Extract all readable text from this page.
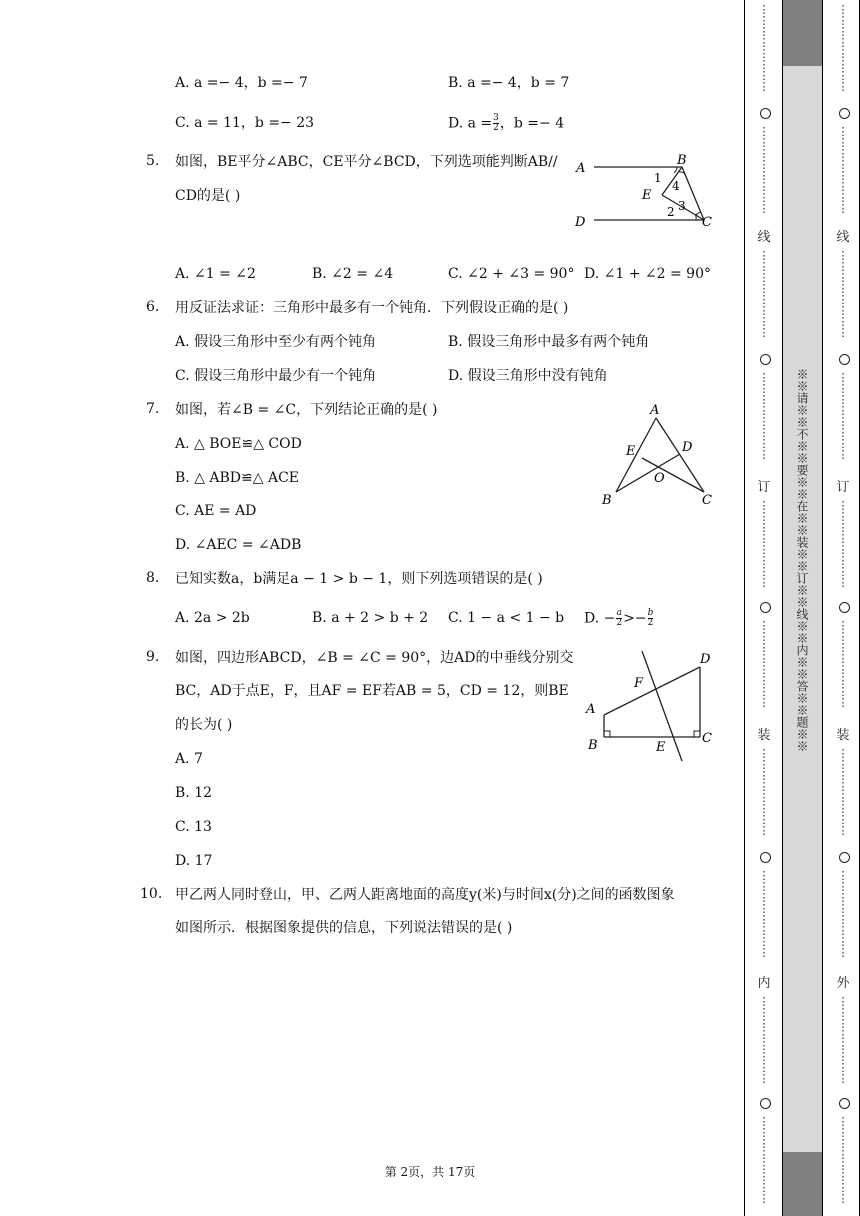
A. a =− 4，b =− 7	B. a =− 4，b = 7
C. a = 11，b =− 23	D. $a = \frac{3}{2}$ ，b =− 4
5. 如图，BE平分∠ABC，CE平分∠BCD，下列选项能判断AB//
CD的是( )
A
B
C
D
E
1
4
3
2
A. ∠1 = ∠2	B. ∠2 = ∠4	C. ∠2 + ∠3 = 90° D. ∠1 + ∠2 = 90°
6. 用反证法求证：三角形中最多有一个钝角．下列假设正确的是( )
A. 假设三角形中至少有两个钝角	B. 假设三角形中最多有两个钝角
C. 假设三角形中最少有一个钝角	D. 假设三角形中没有钝角
7. 如图，若∠B = ∠C，下列结论正确的是( )
A. △ BOE≌△ COD
B. △ ABD≌△ ACE
C. AE = AD
D. ∠AEC = ∠ADB
A
B	C
D
E
O
8. 已知实数a，b满足a − 1 > b − 1，则下列选项错误的是( )
A. 2a > 2b	B. a + 2 > b + 2 C. 1 − a < 1 − b D. − $\frac{a}{2} >- \frac{b}{2}$
9. 如图，四边形ABCD，∠B = ∠C = 90°，边AD的中垂线分别交
BC，AD于点E，F，且AF = EF若AB = 5，CD = 12，则BE
的长为( )
A. 7
B. 12
C. 13
D. 17
A
B	C
D
E
F
10. 甲乙两人同时登山，甲、乙两人距离地面的高度y(米)与时间x(分)之间的函数图象
如图所示．根据图象提供的信息，下列说法错误的是( )
第 2页，共 17页
⋮
⋮
⋮
⋮
⋮
⋮
⋮
⋮
⋮
⋮
⋮
⋮
⋮
⋮
⋮
⋮
线
⋮
⋮
⋮
⋮
⋮
⋮
⋮
⋮
⋮
⋮
⋮
⋮
⋮
⋮
⋮
⋮
订
⋮
⋮
⋮
⋮
⋮
⋮
⋮
⋮
⋮
⋮
⋮
⋮
⋮
⋮
⋮
⋮
装
⋮
⋮
⋮
⋮
⋮
⋮
⋮
⋮
⋮
⋮
⋮
⋮
⋮
⋮
⋮
⋮
内
⋮
⋮
⋮
⋮
⋮
⋮
⋮
⋮
⋮
⋮
⋮
⋮
⋮
⋮
⋮
⋮
※※请※※不※※要※※在※※装※※订※※线※※内※※答※※题※※
⋮
⋮
⋮
⋮
⋮
⋮
⋮
⋮
⋮
⋮
⋮
⋮
⋮
⋮
⋮
⋮
线
⋮
⋮
⋮
⋮
⋮
⋮
⋮
⋮
⋮
⋮
⋮
⋮
⋮
⋮
⋮
⋮
订
⋮
⋮
⋮
⋮
⋮
⋮
⋮
⋮
⋮
⋮
⋮
⋮
⋮
⋮
⋮
⋮
装
⋮
⋮
⋮
⋮
⋮
⋮
⋮
⋮
⋮
⋮
⋮
⋮
⋮
⋮
⋮
⋮
外
⋮
⋮
⋮
⋮
⋮
⋮
⋮
⋮
⋮
⋮
⋮
⋮
⋮
⋮
⋮
⋮
